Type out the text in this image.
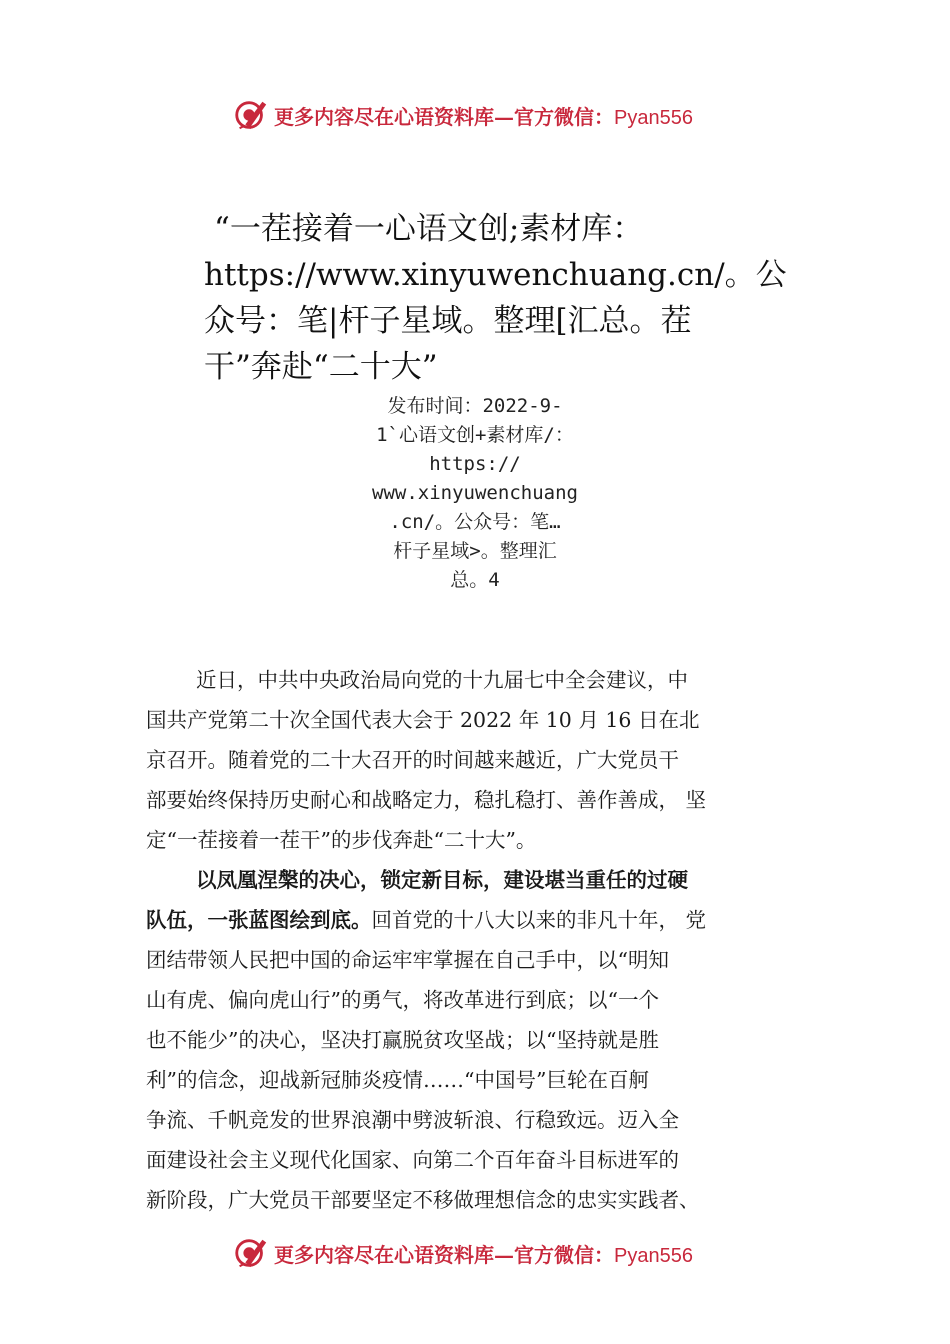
更多内容尽在心语资料库—官方微信：Pyan556
“一茬接着一心语文创;素材库：
https://www.xinyuwenchuang.cn/。公
众号：笔|杆子星域。整理[汇总。茬
干”奔赴“二十大”
发布时间：2022-9-
1`心语文创+素材库/：
https://
www.xinyuwenchuang
.cn/。公众号：笔…
杆子星域>。整理汇
总。4

近日，中共中央政治局向党的十九届七中全会建议，中
国共产党第二十次全国代表大会于 2022 年 10 月 16 日在北
京召开。随着党的二十大召开的时间越来越近，广大党员干
部要始终保持历史耐心和战略定力，稳扎稳打、善作善成， 坚
定“一茬接着一茬干”的步伐奔赴“二十大”。

以凤凰涅槃的决心，锁定新目标，建设堪当重任的过硬
队伍，一张蓝图绘到底。回首党的十八大以来的非凡十年， 党
团结带领人民把中国的命运牢牢掌握在自己手中，以“明知
山有虎、偏向虎山行”的勇气，将改革进行到底；以“一个
也不能少”的决心，坚决打赢脱贫攻坚战；以“坚持就是胜
利”的信念，迎战新冠肺炎疫情……“中国号”巨轮在百舸
争流、千帆竞发的世界浪潮中劈波斩浪、行稳致远。迈入全
面建设社会主义现代化国家、向第二个百年奋斗目标进军的
新阶段，广大党员干部要坚定不移做理想信念的忠实实践者、

更多内容尽在心语资料库—官方微信：Pyan556
